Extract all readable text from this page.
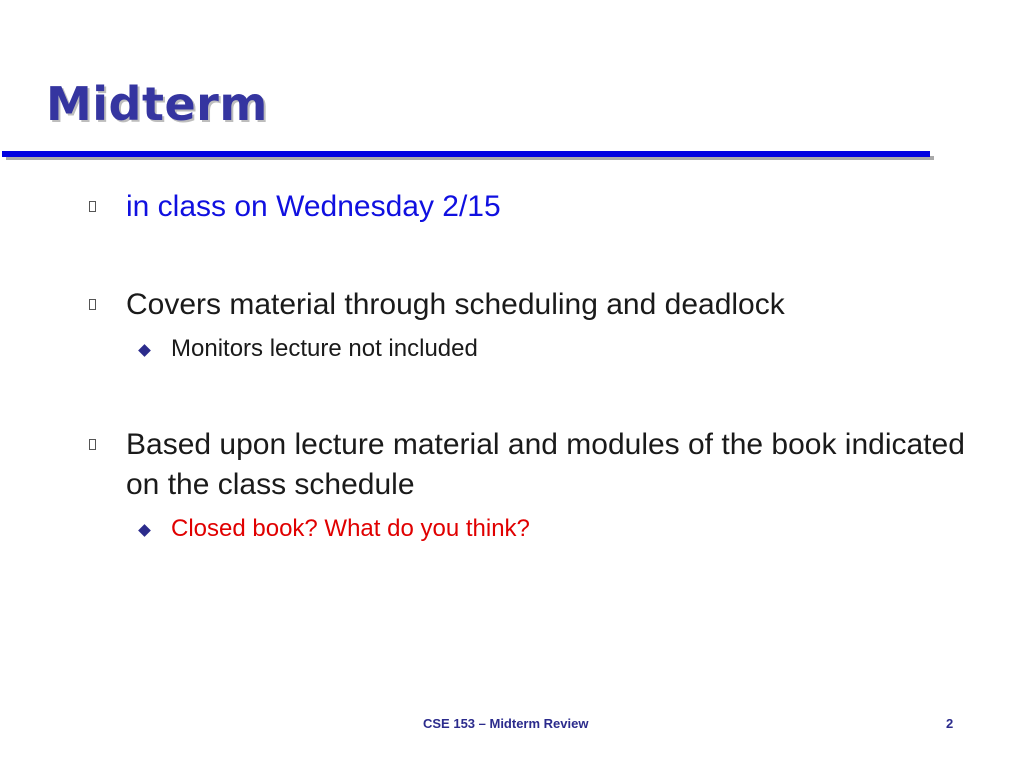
Midterm

in class on Wednesday 2/15

Covers material through scheduling and deadlock

Monitors lecture not included

Based upon lecture material and modules of the book indicated on the class schedule

Closed book? What do you think?

CSE 153 – Midterm Review	2
